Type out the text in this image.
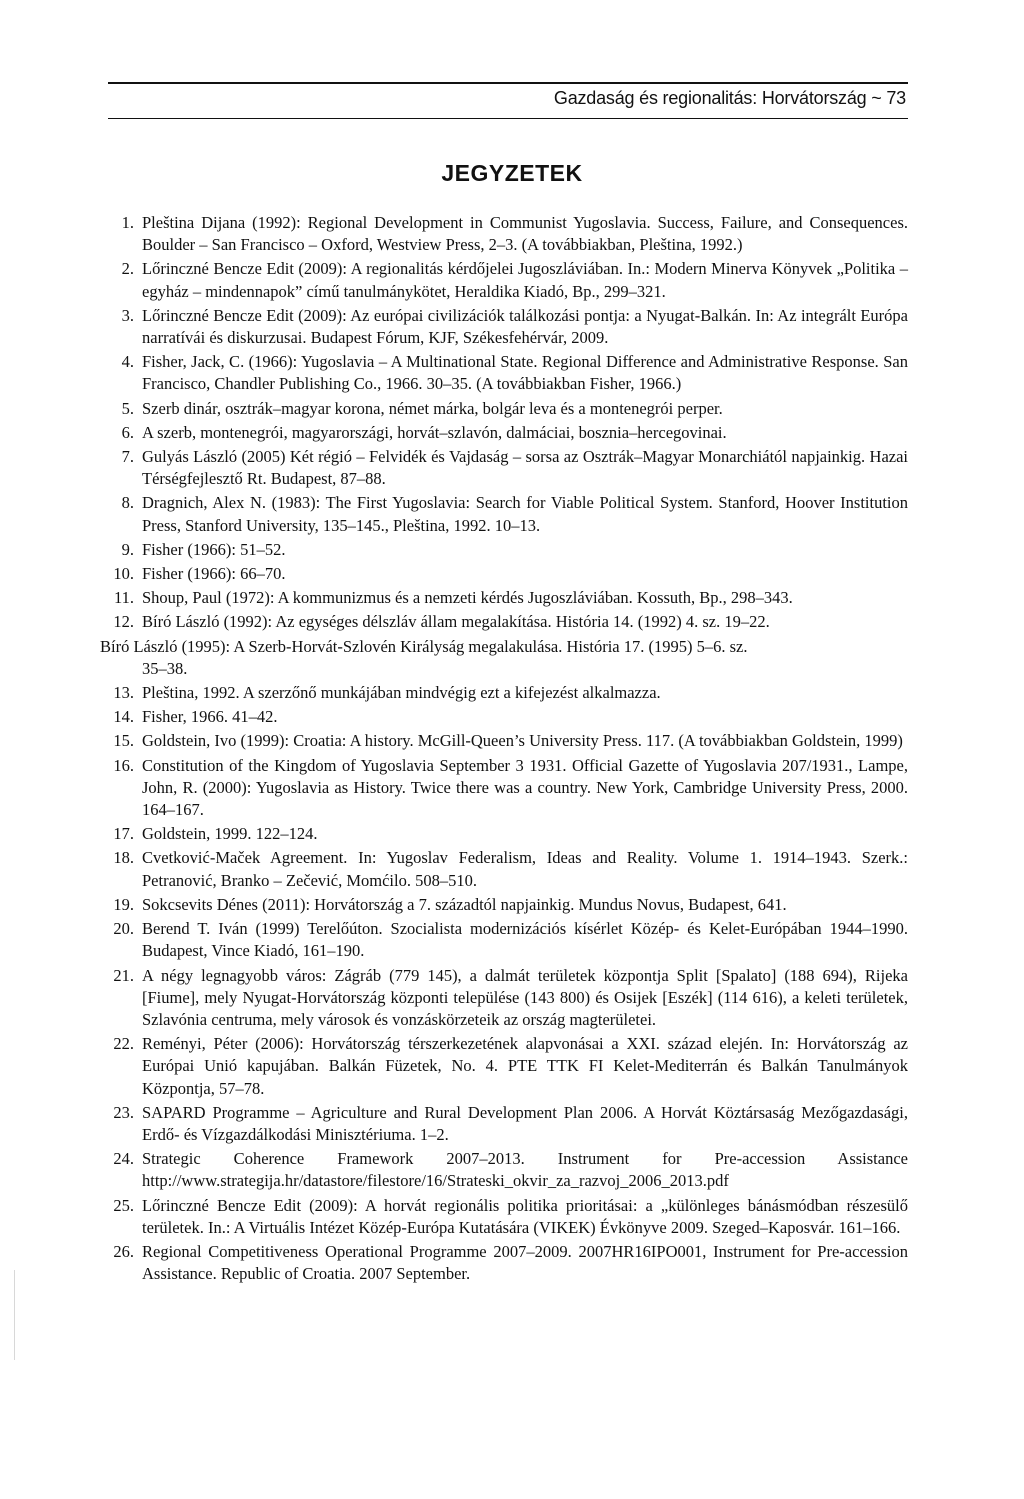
Gazdaság és regionalitás: Horvátország ~ 73
JEGYZETEK
1. Pleština Dijana (1992): Regional Development in Communist Yugoslavia. Success, Failure, and Consequences. Boulder – San Francisco – Oxford, Westview Press, 2–3. (A továbbiakban, Pleština, 1992.)
2. Lőrinczné Bencze Edit (2009): A regionalitás kérdőjelei Jugoszláviában. In.: Modern Minerva Könyvek „Politika – egyház – mindennapok” című tanulmánykötet, Heraldika Kiadó, Bp., 299–321.
3. Lőrinczné Bencze Edit (2009): Az európai civilizációk találkozási pontja: a Nyugat-Balkán. In: Az integrált Európa narratívái és diskurzusai. Budapest Fórum, KJF, Székesfehérvár, 2009.
4. Fisher, Jack, C. (1966): Yugoslavia – A Multinational State. Regional Difference and Administrative Response. San Francisco, Chandler Publishing Co., 1966. 30–35. (A továbbiakban Fisher, 1966.)
5. Szerb dinár, osztrák–magyar korona, német márka, bolgár leva és a montenegrói perper.
6. A szerb, montenegrói, magyarországi, horvát–szlavón, dalmáciai, bosznia–hercegovinai.
7. Gulyás László (2005) Két régió – Felvidék és Vajdaság – sorsa az Osztrák–Magyar Monarchiától napjainkig. Hazai Térségfejlesztő Rt. Budapest, 87–88.
8. Dragnich, Alex N. (1983): The First Yugoslavia: Search for Viable Political System. Stanford, Hoover Institution Press, Stanford University, 135–145., Pleština, 1992. 10–13.
9. Fisher (1966): 51–52.
10. Fisher (1966): 66–70.
11. Shoup, Paul (1972): A kommunizmus és a nemzeti kérdés Jugoszláviában. Kossuth, Bp., 298–343.
12. Bíró László (1992): Az egységes délszláv állam megalakítása. História 14. (1992) 4. sz. 19–22.
Bíró László (1995): A Szerb-Horvát-Szlovén Királyság megalakulása. História 17. (1995) 5–6. sz.
35–38.
13. Pleština, 1992. A szerzőnő munkájában mindvégig ezt a kifejezést alkalmazza.
14. Fisher, 1966. 41–42.
15. Goldstein, Ivo (1999): Croatia: A history. McGill-Queen’s University Press. 117. (A továbbiakban Goldstein, 1999)
16. Constitution of the Kingdom of Yugoslavia September 3 1931. Official Gazette of Yugoslavia 207/1931., Lampe, John, R. (2000): Yugoslavia as History. Twice there was a country. New York, Cambridge University Press, 2000. 164–167.
17. Goldstein, 1999. 122–124.
18. Cvetković-Maček Agreement. In: Yugoslav Federalism, Ideas and Reality. Volume 1. 1914–1943. Szerk.: Petranović, Branko – Zečević, Momćilo. 508–510.
19. Sokcsevits Dénes (2011): Horvátország a 7. századtól napjainkig. Mundus Novus, Budapest, 641.
20. Berend T. Iván (1999) Terelőúton. Szocialista modernizációs kísérlet Közép- és Kelet-Európában 1944–1990. Budapest, Vince Kiadó, 161–190.
21. A négy legnagyobb város: Zágráb (779 145), a dalmát területek központja Split [Spalato] (188 694), Rijeka [Fiume], mely Nyugat-Horvátország központi települése (143 800) és Osijek [Eszék] (114 616), a keleti területek, Szlavónia centruma, mely városok és vonzáskörzeteik az ország magterületei.
22. Reményi, Péter (2006): Horvátország térszerkezetének alapvonásai a XXI. század elején. In: Horvátország az Európai Unió kapujában. Balkán Füzetek, No. 4. PTE TTK FI Kelet-Mediterrán és Balkán Tanulmányok Központja, 57–78.
23. SAPARD Programme – Agriculture and Rural Development Plan 2006. A Horvát Köztársaság Mezőgazdasági, Erdő- és Vízgazdálkodási Minisztériuma. 1–2.
24. Strategic Coherence Framework 2007–2013. Instrument for Pre-accession Assistance http://www.strategija.hr/datastore/filestore/16/Strateski_okvir_za_razvoj_2006_2013.pdf
25. Lőrinczné Bencze Edit (2009): A horvát regionális politika prioritásai: a „különleges bánásmódban részesülő területek. In.: A Virtuális Intézet Közép-Európa Kutatására (VIKEK) Évkönyve 2009. Szeged–Kaposvár. 161–166.
26. Regional Competitiveness Operational Programme 2007–2009. 2007HR16IPO001, Instrument for Pre-accession Assistance. Republic of Croatia. 2007 September.
